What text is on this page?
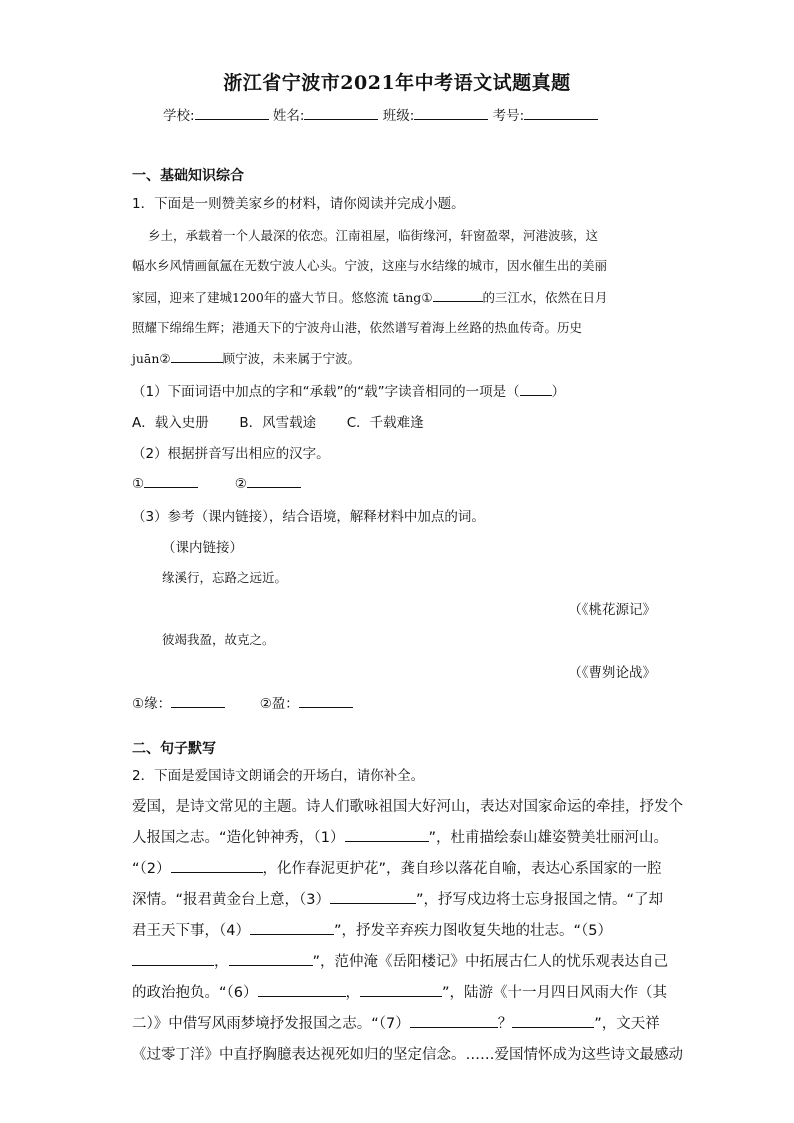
浙江省宁波市2021年中考语文试题真题
学校:	姓名:	班级:	考号:
一、基础知识综合
1．下面是一则赞美家乡的材料，请你阅读并完成小题。
乡土，承载着一个人最深的依恋。江南祖屋，临街缘河，轩窗盈翠，河港波骇，这
幅水乡风情画氤氲在无数宁波人心头。宁波，这座与水结缘的城市，因水催生出的美丽
家园，迎来了建城1200年的盛大节日。悠悠流 tāng①	的三江水，依然在日月
照耀下绵绵生辉；港通天下的宁波舟山港，依然谱写着海上丝路的热血传奇。历史
juān②	顾宁波，未来属于宁波。
（1）下面词语中加点的字和“承载”的“载”字读音相同的一项是（ ）
A．载入史册 B．风雪载途 C．千载难逢
（2）根据拼音写出相应的汉字。
①	②
（3）参考（课内链接），结合语境，解释材料中加点的词。
（课内链接）
缘溪行，忘路之远近。
（《桃花源记》
彼竭我盈，故克之。
（《曹刿论战》
①缘：	②盈：
二、句子默写
2．下面是爱国诗文朗诵会的开场白，请你补全。
爱国，是诗文常见的主题。诗人们歌咏祖国大好河山，表达对国家命运的牵挂，抒发个
人报国之志。“造化钟神秀，（1）	”，杜甫描绘泰山雄姿赞美壮丽河山。
“（2）	，化作春泥更护花”，龚自珍以落花自喻，表达心系国家的一腔
深情。“报君黄金台上意，（3）	”，抒写戍边将士忘身报国之情。“了却
君王天下事，（4）	”，抒发辛弃疾力图收复失地的壮志。“（5）
，	”，范仲淹《岳阳楼记》中拓展古仁人的忧乐观表达自己
的政治抱负。“（6）	，	”，陆游《十一月四日风雨大作（其
二）》中借写风雨梦境抒发报国之志。“（7）	？	”，文天祥
《过零丁洋》中直抒胸臆表达视死如归的坚定信念。……爱国情怀成为这些诗文最感动
